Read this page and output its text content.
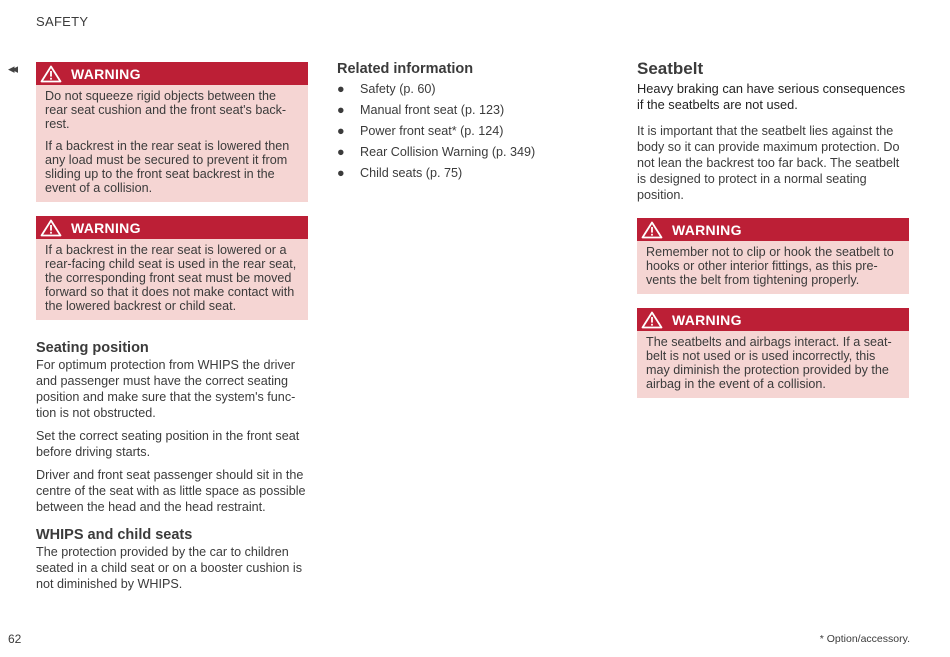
SAFETY
◂◂	WARNING

Do not squeeze rigid objects between the rear seat cushion and the front seat's back-rest.

If a backrest in the rear seat is lowered then any load must be secured to prevent it from sliding up to the front seat backrest in the event of a collision.

WARNING

If a backrest in the rear seat is lowered or a rear-facing child seat is used in the rear seat, the corresponding front seat must be moved forward so that it does not make contact with the lowered backrest or child seat.

Seating position

For optimum protection from WHIPS the driver and passenger must have the correct seating position and make sure that the system's func-tion is not obstructed.

Set the correct seating position in the front seat before driving starts.

Driver and front seat passenger should sit in the centre of the seat with as little space as possible between the head and the head restraint.

WHIPS and child seats

The protection provided by the car to children seated in a child seat or on a booster cushion is not diminished by WHIPS.

Related information
● Safety (p. 60)
● Manual front seat (p. 123)
● Power front seat* (p. 124)
● Rear Collision Warning (p. 349)
● Child seats (p. 75)
Seatbelt

Heavy braking can have serious consequences if the seatbelts are not used.

It is important that the seatbelt lies against the body so it can provide maximum protection. Do not lean the backrest too far back. The seatbelt is designed to protect in a normal seating position.

WARNING

Remember not to clip or hook the seatbelt to hooks or other interior fittings, as this pre-vents the belt from tightening properly.

WARNING

The seatbelts and airbags interact. If a seat-belt is not used or is used incorrectly, this may diminish the protection provided by the airbag in the event of a collision.

62	* Option/accessory.
